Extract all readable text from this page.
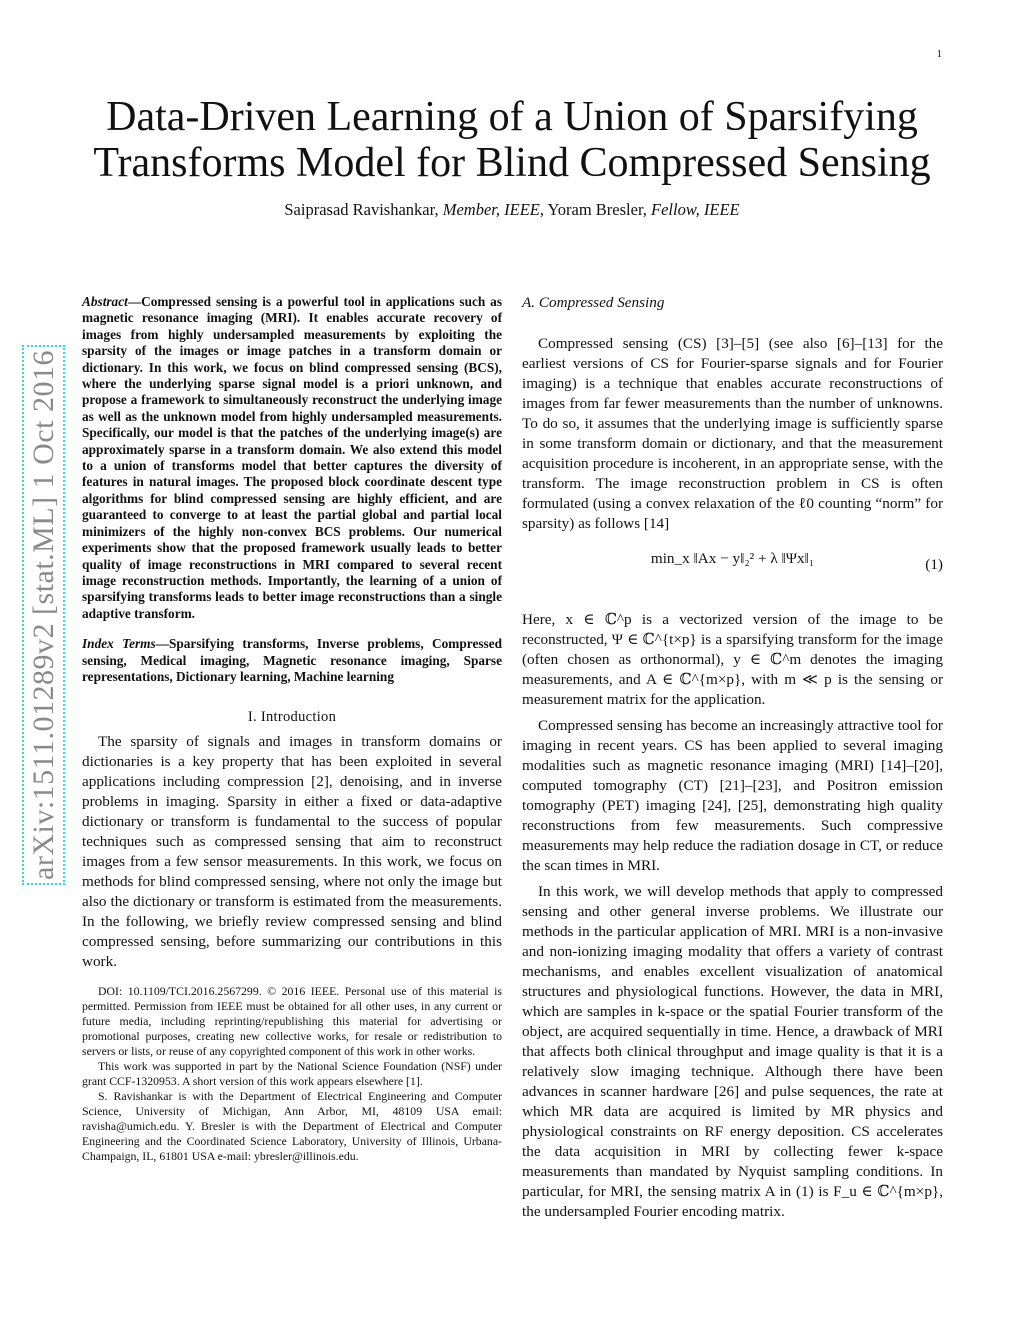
1
arXiv:1511.01289v2 [stat.ML] 1 Oct 2016
Data-Driven Learning of a Union of Sparsifying Transforms Model for Blind Compressed Sensing
Saiprasad Ravishankar, Member, IEEE, Yoram Bresler, Fellow, IEEE

Abstract—Compressed sensing is a powerful tool in applications such as magnetic resonance imaging (MRI). It enables accurate recovery of images from highly undersampled measurements by exploiting the sparsity of the images or image patches in a transform domain or dictionary. In this work, we focus on blind compressed sensing (BCS), where the underlying sparse signal model is a priori unknown, and propose a framework to simultaneously reconstruct the underlying image as well as the unknown model from highly undersampled measurements. Specifically, our model is that the patches of the underlying image(s) are approximately sparse in a transform domain. We also extend this model to a union of transforms model that better captures the diversity of features in natural images. The proposed block coordinate descent type algorithms for blind compressed sensing are highly efficient, and are guaranteed to converge to at least the partial global and partial local minimizers of the highly non-convex BCS problems. Our numerical experiments show that the proposed framework usually leads to better quality of image reconstructions in MRI compared to several recent image reconstruction methods. Importantly, the learning of a union of sparsifying transforms leads to better image reconstructions than a single adaptive transform.

Index Terms—Sparsifying transforms, Inverse problems, Compressed sensing, Medical imaging, Magnetic resonance imaging, Sparse representations, Dictionary learning, Machine learning

I. Introduction

The sparsity of signals and images in transform domains or dictionaries is a key property that has been exploited in several applications including compression [2], denoising, and in inverse problems in imaging. Sparsity in either a fixed or data-adaptive dictionary or transform is fundamental to the success of popular techniques such as compressed sensing that aim to reconstruct images from a few sensor measurements. In this work, we focus on methods for blind compressed sensing, where not only the image but also the dictionary or transform is estimated from the measurements. In the following, we briefly review compressed sensing and blind compressed sensing, before summarizing our contributions in this work.

DOI: 10.1109/TCI.2016.2567299. © 2016 IEEE. Personal use of this material is permitted. Permission from IEEE must be obtained for all other uses, in any current or future media, including reprinting/republishing this material for advertising or promotional purposes, creating new collective works, for resale or redistribution to servers or lists, or reuse of any copyrighted component of this work in other works.

This work was supported in part by the National Science Foundation (NSF) under grant CCF-1320953. A short version of this work appears elsewhere [1].

S. Ravishankar is with the Department of Electrical Engineering and Computer Science, University of Michigan, Ann Arbor, MI, 48109 USA email: ravisha@umich.edu. Y. Bresler is with the Department of Electrical and Computer Engineering and the Coordinated Science Laboratory, University of Illinois, Urbana-Champaign, IL, 61801 USA e-mail: ybresler@illinois.edu.

A. Compressed Sensing

Compressed sensing (CS) [3]–[5] (see also [6]–[13] for the earliest versions of CS for Fourier-sparse signals and for Fourier imaging) is a technique that enables accurate reconstructions of images from far fewer measurements than the number of unknowns. To do so, it assumes that the underlying image is sufficiently sparse in some transform domain or dictionary, and that the measurement acquisition procedure is incoherent, in an appropriate sense, with the transform. The image reconstruction problem in CS is often formulated (using a convex relaxation of the ℓ0 counting “norm” for sparsity) as follows [14]

min_x ‖Ax − y‖₂² + λ ‖Ψx‖₁	(1)

Here, x ∈ ℂ^p is a vectorized version of the image to be reconstructed, Ψ ∈ ℂ^{t×p} is a sparsifying transform for the image (often chosen as orthonormal), y ∈ ℂ^m denotes the imaging measurements, and A ∈ ℂ^{m×p}, with m ≪ p is the sensing or measurement matrix for the application.

Compressed sensing has become an increasingly attractive tool for imaging in recent years. CS has been applied to several imaging modalities such as magnetic resonance imaging (MRI) [14]–[20], computed tomography (CT) [21]–[23], and Positron emission tomography (PET) imaging [24], [25], demonstrating high quality reconstructions from few measurements. Such compressive measurements may help reduce the radiation dosage in CT, or reduce the scan times in MRI.

In this work, we will develop methods that apply to compressed sensing and other general inverse problems. We illustrate our methods in the particular application of MRI. MRI is a non-invasive and non-ionizing imaging modality that offers a variety of contrast mechanisms, and enables excellent visualization of anatomical structures and physiological functions. However, the data in MRI, which are samples in k-space or the spatial Fourier transform of the object, are acquired sequentially in time. Hence, a drawback of MRI that affects both clinical throughput and image quality is that it is a relatively slow imaging technique. Although there have been advances in scanner hardware [26] and pulse sequences, the rate at which MR data are acquired is limited by MR physics and physiological constraints on RF energy deposition. CS accelerates the data acquisition in MRI by collecting fewer k-space measurements than mandated by Nyquist sampling conditions. In particular, for MRI, the sensing matrix A in (1) is F_u ∈ ℂ^{m×p}, the undersampled Fourier encoding matrix.
